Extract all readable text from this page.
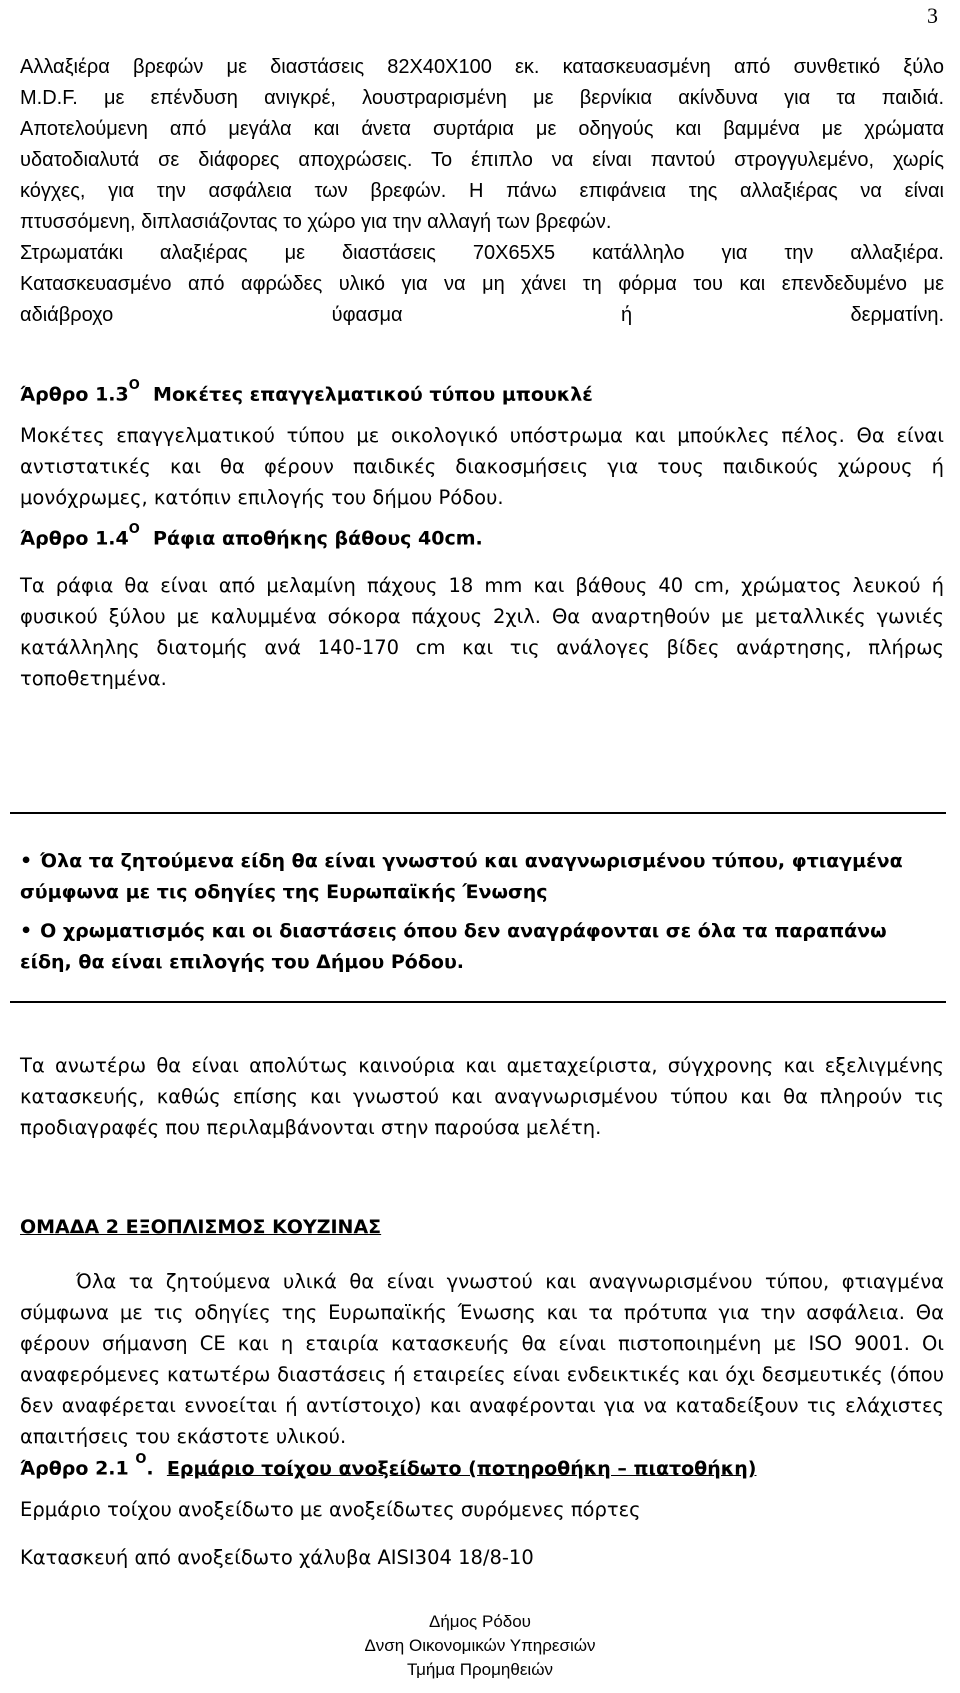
3
Αλλαξιέρα βρεφών με διαστάσεις 82Χ40Χ100 εκ. κατασκευασμένη από συνθετικό ξύλο
M.D.F. με επένδυση ανιγκρέ, λουστραρισμένη με βερνίκια ακίνδυνα για τα παιδιά.
Αποτελούμενη από μεγάλα και άνετα συρτάρια με οδηγούς και βαμμένα με χρώματα
υδατοδιαλυτά σε διάφορες αποχρώσεις. Το έπιπλο να είναι παντού στρογγυλεμένο, χωρίς
κόγχες, για την ασφάλεια των βρεφών. Η πάνω επιφάνεια της αλλαξιέρας να είναι
πτυσσόμενη, διπλασιάζοντας το χώρο για την αλλαγή των βρεφών.
Στρωματάκι αλαξιέρας με διαστάσεις 70Χ65Χ5 κατάλληλο για την αλλαξιέρα.
Κατασκευασμένο από αφρώδες υλικό για να μη χάνει τη φόρμα του και επενδεδυμένο με
αδιάβροχο ύφασμα ή δερματίνη.
Άρθρο $1.3^O$ Μοκέτες επαγγελματικού τύπου μπουκλέ

Μοκέτες επαγγελματικού τύπου με οικολογικό υπόστρωμα και μπούκλες πέλος. Θα είναι αντιστατικές και θα φέρουν παιδικές διακοσμήσεις για τους παιδικούς χώρους ή μονόχρωμες, κατόπιν επιλογής του δήμου Ρόδου.

Άρθρο $1.4^O$ Ράφια αποθήκης βάθους 40cm.

Τα ράφια θα είναι από μελαμίνη πάχους 18 mm και βάθους 40 cm, χρώματος λευκού ή φυσικού ξύλου με καλυμμένα σόκορα πάχους 2χιλ. Θα αναρτηθούν με μεταλλικές γωνιές κατάλληλης διατομής ανά 140-170 cm και τις ανάλογες βίδες ανάρτησης, πλήρως τοποθετημένα.

• Όλα τα ζητούμενα είδη θα είναι γνωστού και αναγνωρισμένου τύπου, φτιαγμένα σύμφωνα με τις οδηγίες της Ευρωπαϊκής Ένωσης
• Ο χρωματισμός και οι διαστάσεις όπου δεν αναγράφονται σε όλα τα παραπάνω είδη, θα είναι επιλογής του Δήμου Ρόδου.

Τα ανωτέρω θα είναι απολύτως καινούρια και αμεταχείριστα, σύγχρονης και εξελιγμένης κατασκευής, καθώς επίσης και γνωστού και αναγνωρισμένου τύπου και θα πληρούν τις προδιαγραφές που περιλαμβάνονται στην παρούσα μελέτη.

ΟΜΑΔΑ 2 ΕΞΟΠΛΙΣΜΟΣ ΚΟΥΖΙΝΑΣ

Όλα τα ζητούμενα υλικά θα είναι γνωστού και αναγνωρισμένου τύπου, φτιαγμένα σύμφωνα με τις οδηγίες της Ευρωπαϊκής Ένωσης και τα πρότυπα για την ασφάλεια. Θα φέρουν σήμανση CE και η εταιρία κατασκευής θα είναι πιστοποιημένη με ISO 9001. Οι αναφερόμενες κατωτέρω διαστάσεις ή εταιρείες είναι ενδεικτικές και όχι δεσμευτικές (όπου δεν αναφέρεται εννοείται ή αντίστοιχο) και αναφέρονται για να καταδείξουν τις ελάχιστες απαιτήσεις του εκάστοτε υλικού.

Άρθρο 2.1 $^O$.  Ερμάριο τοίχου ανοξείδωτο (ποτηροθήκη – πιατοθήκη)
Ερμάριο τοίχου ανοξείδωτο με ανοξείδωτες συρόμενες πόρτες
Κατασκευή από ανοξείδωτο χάλυβα AISI304 18/8-10
Δήμος Ρόδου
Δνση Οικονομικών Υπηρεσιών
Τμήμα Προμηθειών
